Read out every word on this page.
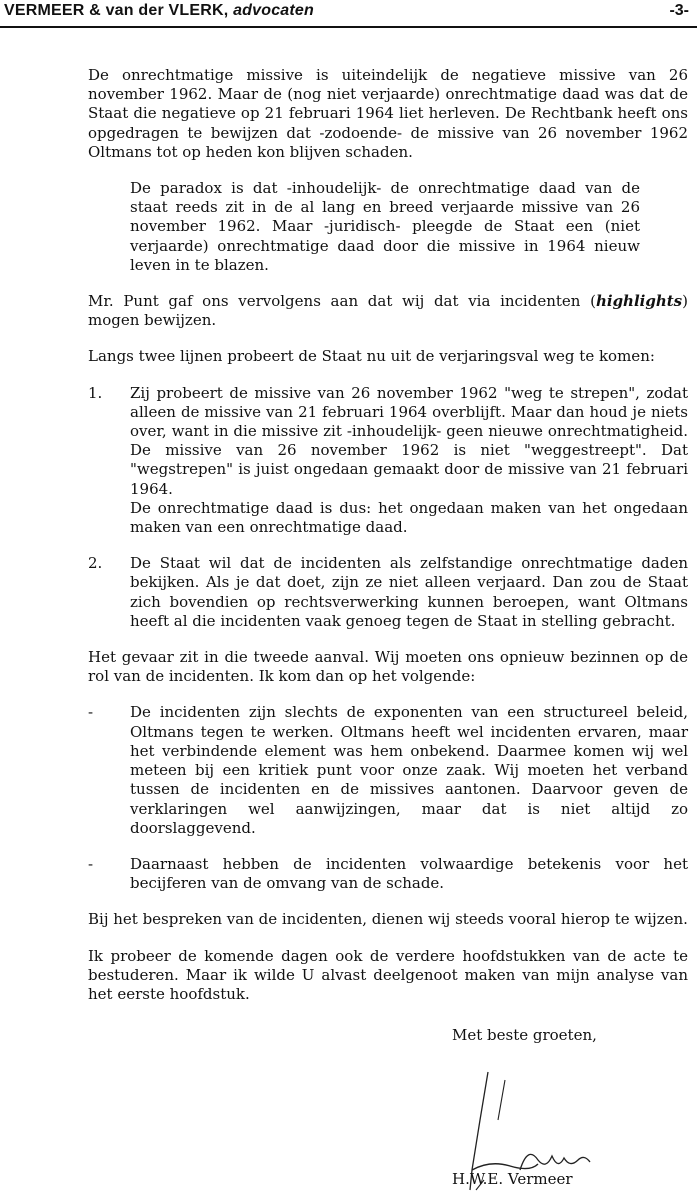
VERMEER & van der VLERK, advocaten	-3-

De onrechtmatige missive is uiteindelijk de negatieve missive van 26 november 1962. Maar de (nog niet verjaarde) onrechtmatige daad was dat de Staat die negatieve op 21 februari 1964 liet herleven. De Rechtbank heeft ons opgedragen te bewijzen dat -zodoende- de missive van 26 november 1962 Oltmans tot op heden kon blijven schaden.

De paradox is dat -inhoudelijk- de onrechtmatige daad van de staat reeds zit in de al lang en breed verjaarde missive van 26 november 1962. Maar -juridisch- pleegde de Staat een (niet verjaarde) onrechtmatige daad door die missive in 1964 nieuw leven in te blazen.

Mr. Punt gaf ons vervolgens aan dat wij dat via incidenten (highlights) mogen bewijzen.

Langs twee lijnen probeert de Staat nu uit de verjaringsval weg te komen:

1. Zij probeert de missive van 26 november 1962 "weg te strepen", zodat alleen de missive van 21 februari 1964 overblijft. Maar dan houd je niets over, want in die missive zit -inhoudelijk- geen nieuwe onrechtmatigheid. De missive van 26 november 1962 is niet "weggestreept". Dat "wegstrepen" is juist ongedaan gemaakt door de missive van 21 februari 1964.
De onrechtmatige daad is dus: het ongedaan maken van het ongedaan maken van een onrechtmatige daad.
2. De Staat wil dat de incidenten als zelfstandige onrechtmatige daden bekijken. Als je dat doet, zijn ze niet alleen verjaard. Dan zou de Staat zich bovendien op rechtsverwerking kunnen beroepen, want Oltmans heeft al die incidenten vaak genoeg tegen de Staat in stelling gebracht.

Het gevaar zit in die tweede aanval. Wij moeten ons opnieuw bezinnen op de rol van de incidenten. Ik kom dan op het volgende:

- De incidenten zijn slechts de exponenten van een structureel beleid, Oltmans tegen te werken. Oltmans heeft wel incidenten ervaren, maar het verbindende element was hem onbekend. Daarmee komen wij wel meteen bij een kritiek punt voor onze zaak. Wij moeten het verband tussen de incidenten en de missives aantonen. Daarvoor geven de verklaringen wel aanwijzingen, maar dat is niet altijd zo doorslaggevend.
- Daarnaast hebben de incidenten volwaardige betekenis voor het becijferen van de omvang van de schade.

Bij het bespreken van de incidenten, dienen wij steeds vooral hierop te wijzen.

Ik probeer de komende dagen ook de verdere hoofdstukken van de acte te bestuderen. Maar ik wilde U alvast deelgenoot maken van mijn analyse van het eerste hoofdstuk.

Met beste groeten,
H.W.E. Vermeer
